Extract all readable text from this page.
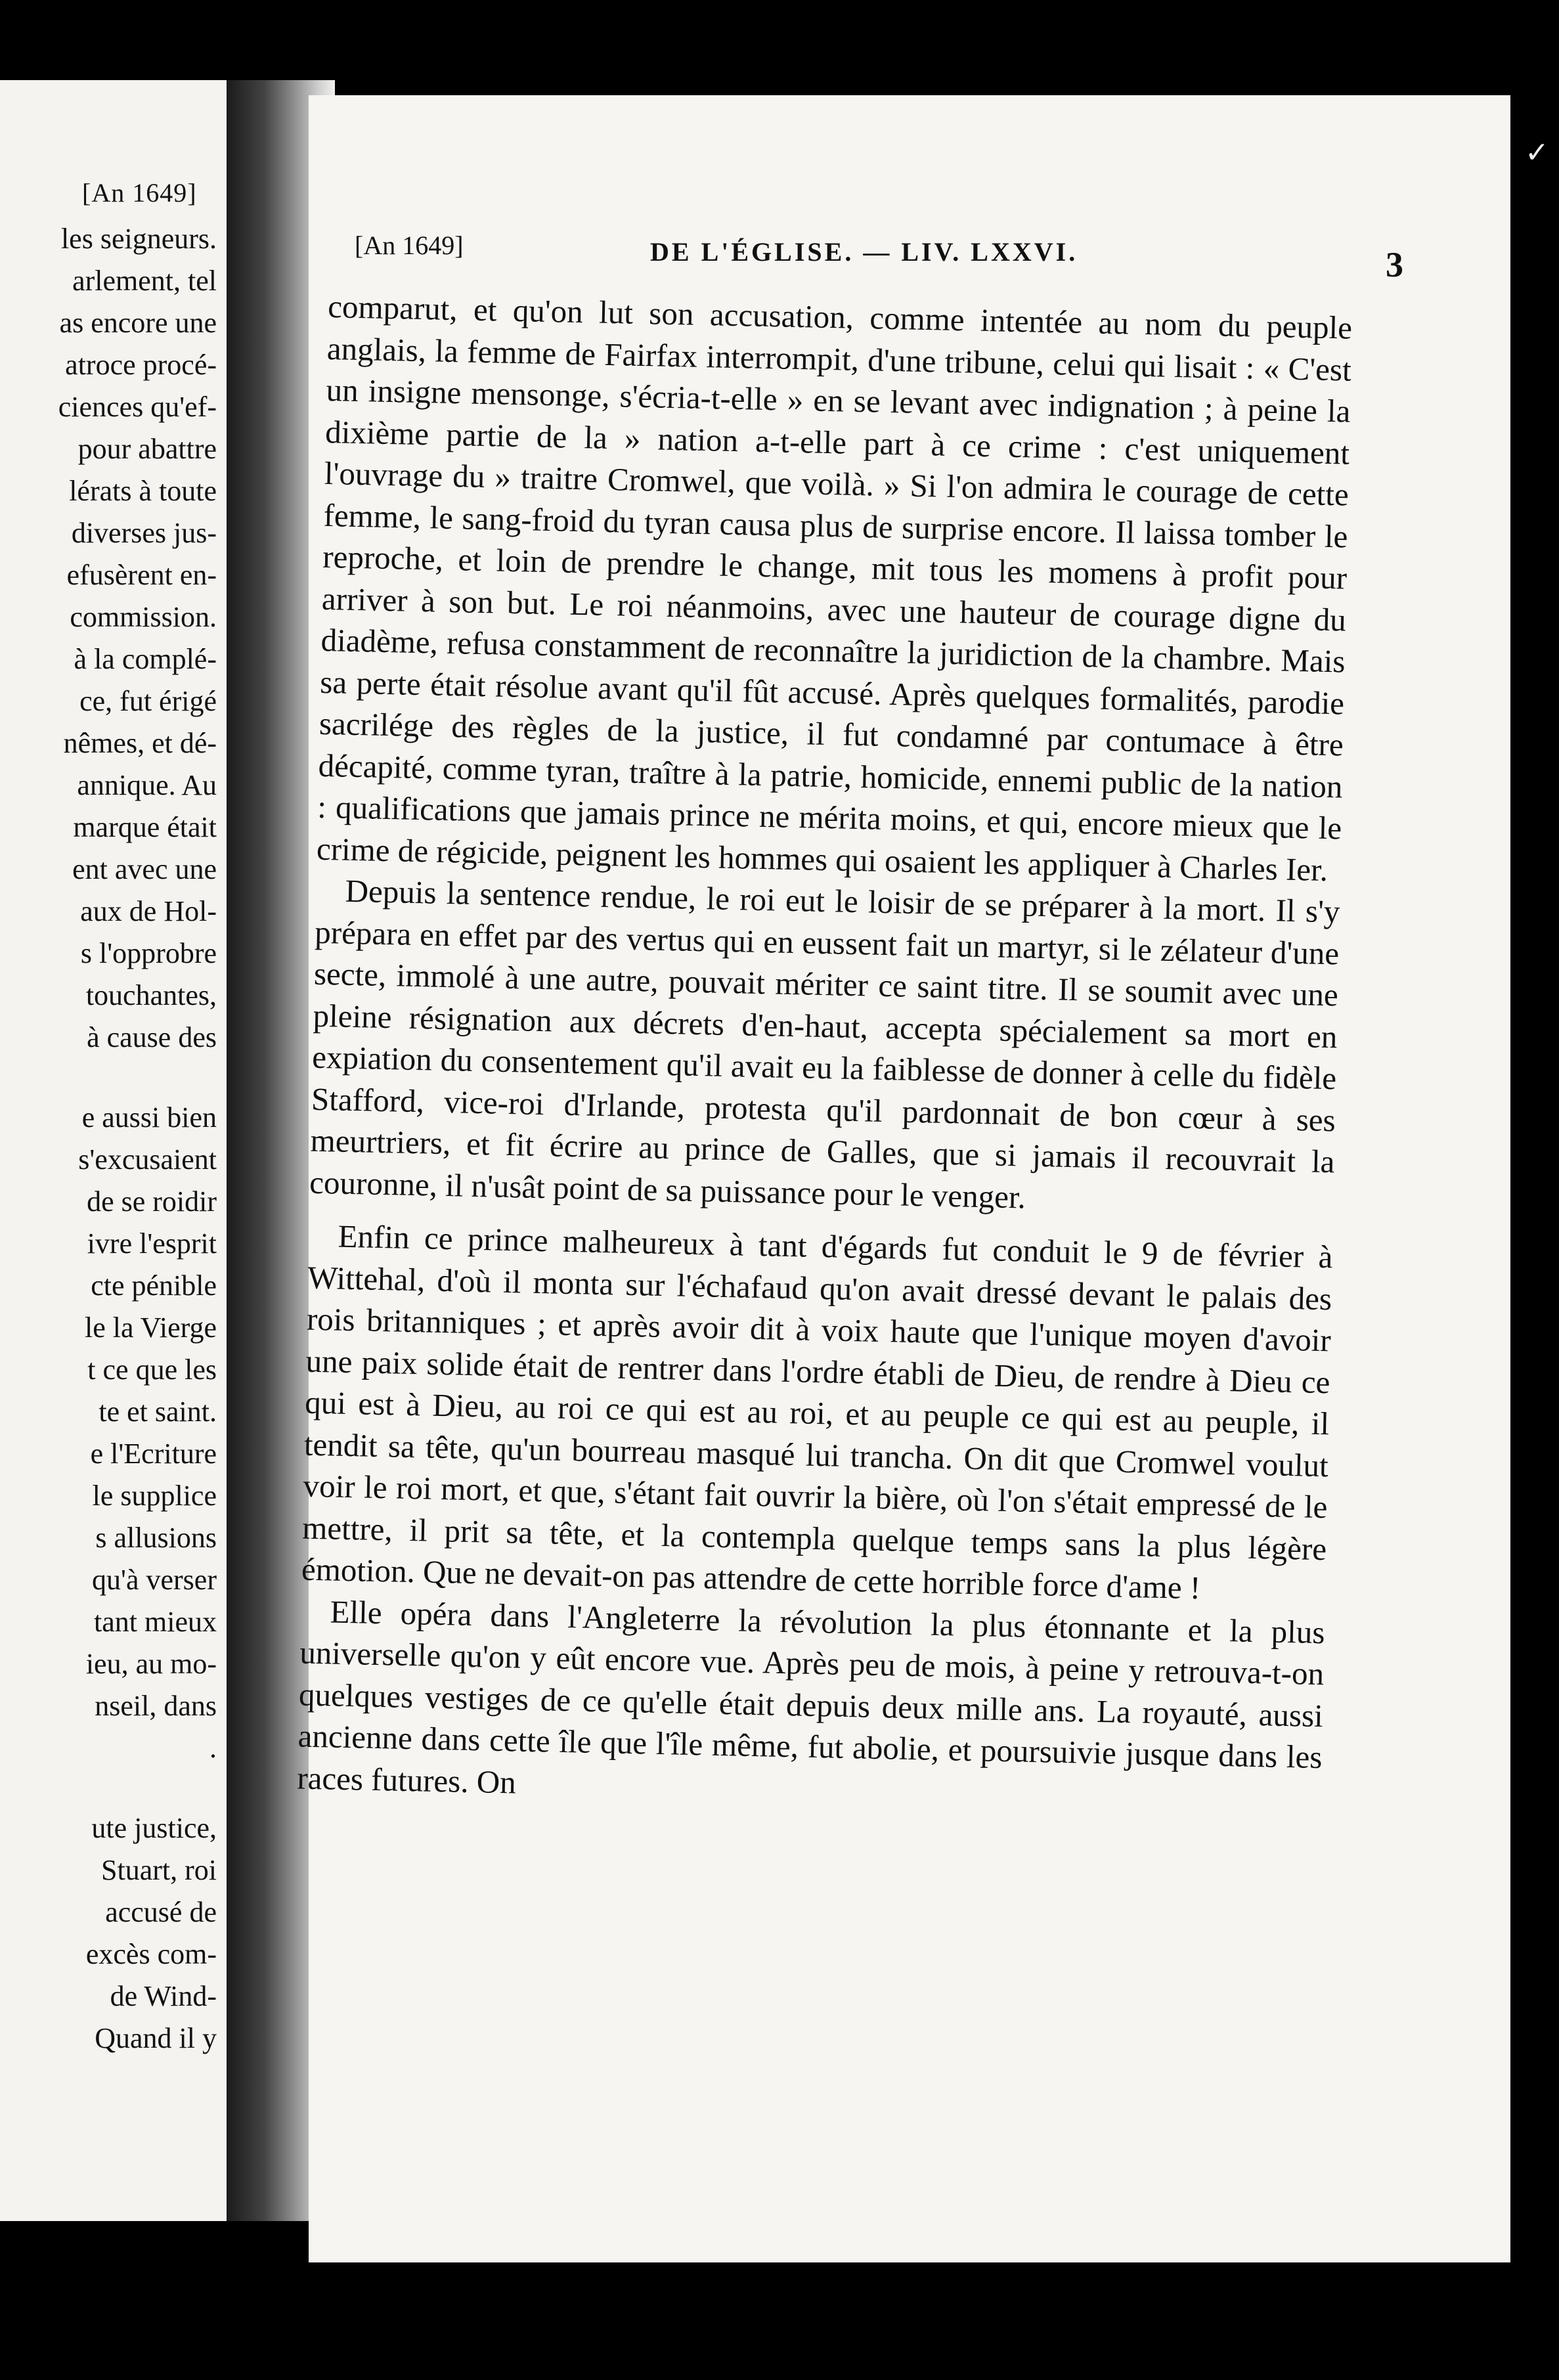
[An 1649]
les seigneurs.
arlement, tel
as encore une
atroce procé-
ciences qu'ef-
pour abattre
lérats à toute
diverses jus-
efusèrent en-
commission.
à la complé-
ce, fut érigé
nêmes, et dé-
annique. Au
marque était
ent avec une
aux de Hol-
s l'opprobre
touchantes,
à cause des
e aussi bien
s'excusaient
de se roidir
ivre l'esprit
cte pénible
le la Vierge
t ce que les
te et saint.
e l'Ecriture
le supplice
s allusions
qu'à verser
tant mieux
ieu, au mo-
nseil, dans
.
ute justice,
Stuart, roi
accusé de
excès com-
de Wind-
Quand il y
✓
[An 1649]	DE L'ÉGLISE. — LIV. LXXVI.	3

comparut, et qu'on lut son accusation, comme intentée au nom du peuple anglais, la femme de Fairfax interrompit, d'une tribune, celui qui lisait : « C'est un insigne mensonge, s'écria-t-elle » en se levant avec indignation ; à peine la dixième partie de la » nation a-t-elle part à ce crime : c'est uniquement l'ouvrage du » traitre Cromwel, que voilà. » Si l'on admira le courage de cette femme, le sang-froid du tyran causa plus de surprise encore. Il laissa tomber le reproche, et loin de prendre le change, mit tous les momens à profit pour arriver à son but. Le roi néanmoins, avec une hauteur de courage digne du diadème, refusa constamment de reconnaître la juridiction de la chambre. Mais sa perte était résolue avant qu'il fût accusé. Après quelques formalités, parodie sacrilége des règles de la justice, il fut condamné par contumace à être décapité, comme tyran, traître à la patrie, homicide, ennemi public de la nation : qualifications que jamais prince ne mérita moins, et qui, encore mieux que le crime de régicide, peignent les hommes qui osaient les appliquer à Charles Ier.

Depuis la sentence rendue, le roi eut le loisir de se préparer à la mort. Il s'y prépara en effet par des vertus qui en eussent fait un martyr, si le zélateur d'une secte, immolé à une autre, pouvait mériter ce saint titre. Il se soumit avec une pleine résignation aux décrets d'en-haut, accepta spécialement sa mort en expiation du consentement qu'il avait eu la faiblesse de donner à celle du fidèle Stafford, vice-roi d'Irlande, protesta qu'il pardonnait de bon cœur à ses meurtriers, et fit écrire au prince de Galles, que si jamais il recouvrait la couronne, il n'usât point de sa puissance pour le venger.

Enfin ce prince malheureux à tant d'égards fut conduit le 9 de février à Wittehal, d'où il monta sur l'échafaud qu'on avait dressé devant le palais des rois britanniques ; et après avoir dit à voix haute que l'unique moyen d'avoir une paix solide était de rentrer dans l'ordre établi de Dieu, de rendre à Dieu ce qui est à Dieu, au roi ce qui est au roi, et au peuple ce qui est au peuple, il tendit sa tête, qu'un bourreau masqué lui trancha. On dit que Cromwel voulut voir le roi mort, et que, s'étant fait ouvrir la bière, où l'on s'était empressé de le mettre, il prit sa tête, et la contempla quelque temps sans la plus légère émotion. Que ne devait-on pas attendre de cette horrible force d'ame !

Elle opéra dans l'Angleterre la révolution la plus étonnante et la plus universelle qu'on y eût encore vue. Après peu de mois, à peine y retrouva-t-on quelques vestiges de ce qu'elle était depuis deux mille ans. La royauté, aussi ancienne dans cette île que l'île même, fut abolie, et poursuivie jusque dans les races futures. On
